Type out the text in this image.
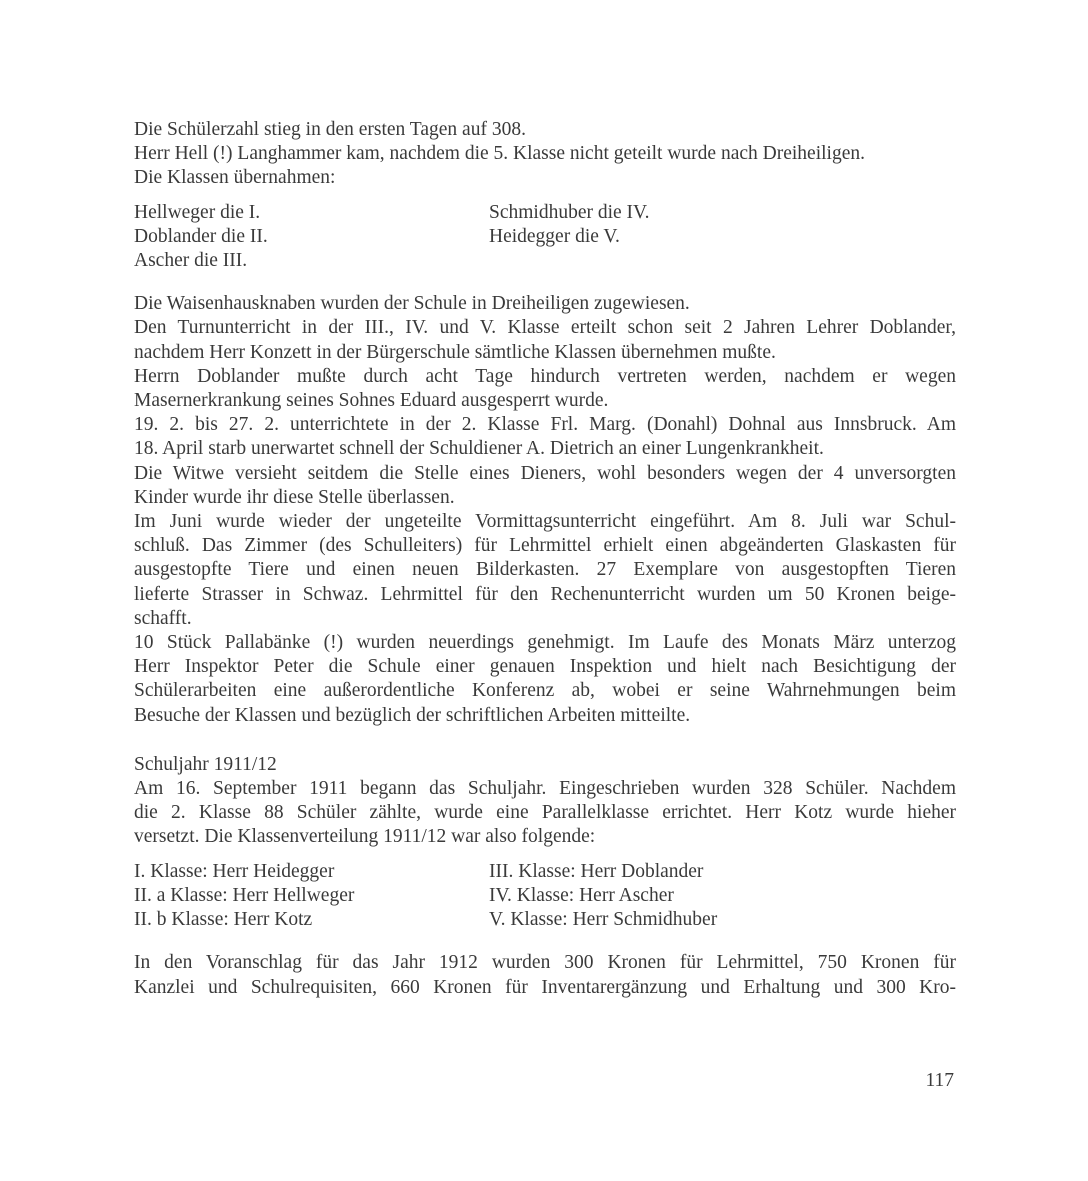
Die Schülerzahl stieg in den ersten Tagen auf 308.
Herr Hell (!) Langhammer kam, nachdem die 5. Klasse nicht geteilt wurde nach Dreiheiligen.
Die Klassen übernahmen:
Hellweger die I.
Doblander die II.
Ascher die III.
Schmidhuber die IV.
Heidegger die V.
Die Waisenhausknaben wurden der Schule in Dreiheiligen zugewiesen.
Den Turnunterricht in der III., IV. und V. Klasse erteilt schon seit 2 Jahren Lehrer Doblander,
nachdem Herr Konzett in der Bürgerschule sämtliche Klassen übernehmen mußte.
Herrn Doblander mußte durch acht Tage hindurch vertreten werden, nachdem er wegen
Masernerkrankung seines Sohnes Eduard ausgesperrt wurde.
19. 2. bis 27. 2. unterrichtete in der 2. Klasse Frl. Marg. (Donahl) Dohnal aus Innsbruck. Am
18. April starb unerwartet schnell der Schuldiener A. Dietrich an einer Lungenkrankheit.
Die Witwe versieht seitdem die Stelle eines Dieners, wohl besonders wegen der 4 unversorgten
Kinder wurde ihr diese Stelle überlassen.
Im Juni wurde wieder der ungeteilte Vormittagsunterricht eingeführt. Am 8. Juli war Schul-
schluß. Das Zimmer (des Schulleiters) für Lehrmittel erhielt einen abgeänderten Glaskasten für
ausgestopfte Tiere und einen neuen Bilderkasten. 27 Exemplare von ausgestopften Tieren
lieferte Strasser in Schwaz. Lehrmittel für den Rechenunterricht wurden um 50 Kronen beige-
schafft.
10 Stück Pallabänke (!) wurden neuerdings genehmigt. Im Laufe des Monats März unterzog
Herr Inspektor Peter die Schule einer genauen Inspektion und hielt nach Besichtigung der
Schülerarbeiten eine außerordentliche Konferenz ab, wobei er seine Wahrnehmungen beim
Besuche der Klassen und bezüglich der schriftlichen Arbeiten mitteilte.
Schuljahr 1911/12
Am 16. September 1911 begann das Schuljahr. Eingeschrieben wurden 328 Schüler. Nachdem
die 2. Klasse 88 Schüler zählte, wurde eine Parallelklasse errichtet. Herr Kotz wurde hieher
versetzt. Die Klassenverteilung 1911/12 war also folgende:
I. Klasse: Herr Heidegger
II. a Klasse: Herr Hellweger
II. b Klasse: Herr Kotz
III. Klasse: Herr Doblander
IV. Klasse: Herr Ascher
V. Klasse: Herr Schmidhuber
In den Voranschlag für das Jahr 1912 wurden 300 Kronen für Lehrmittel, 750 Kronen für
Kanzlei und Schulrequisiten, 660 Kronen für Inventarergänzung und Erhaltung und 300 Kro-
117
